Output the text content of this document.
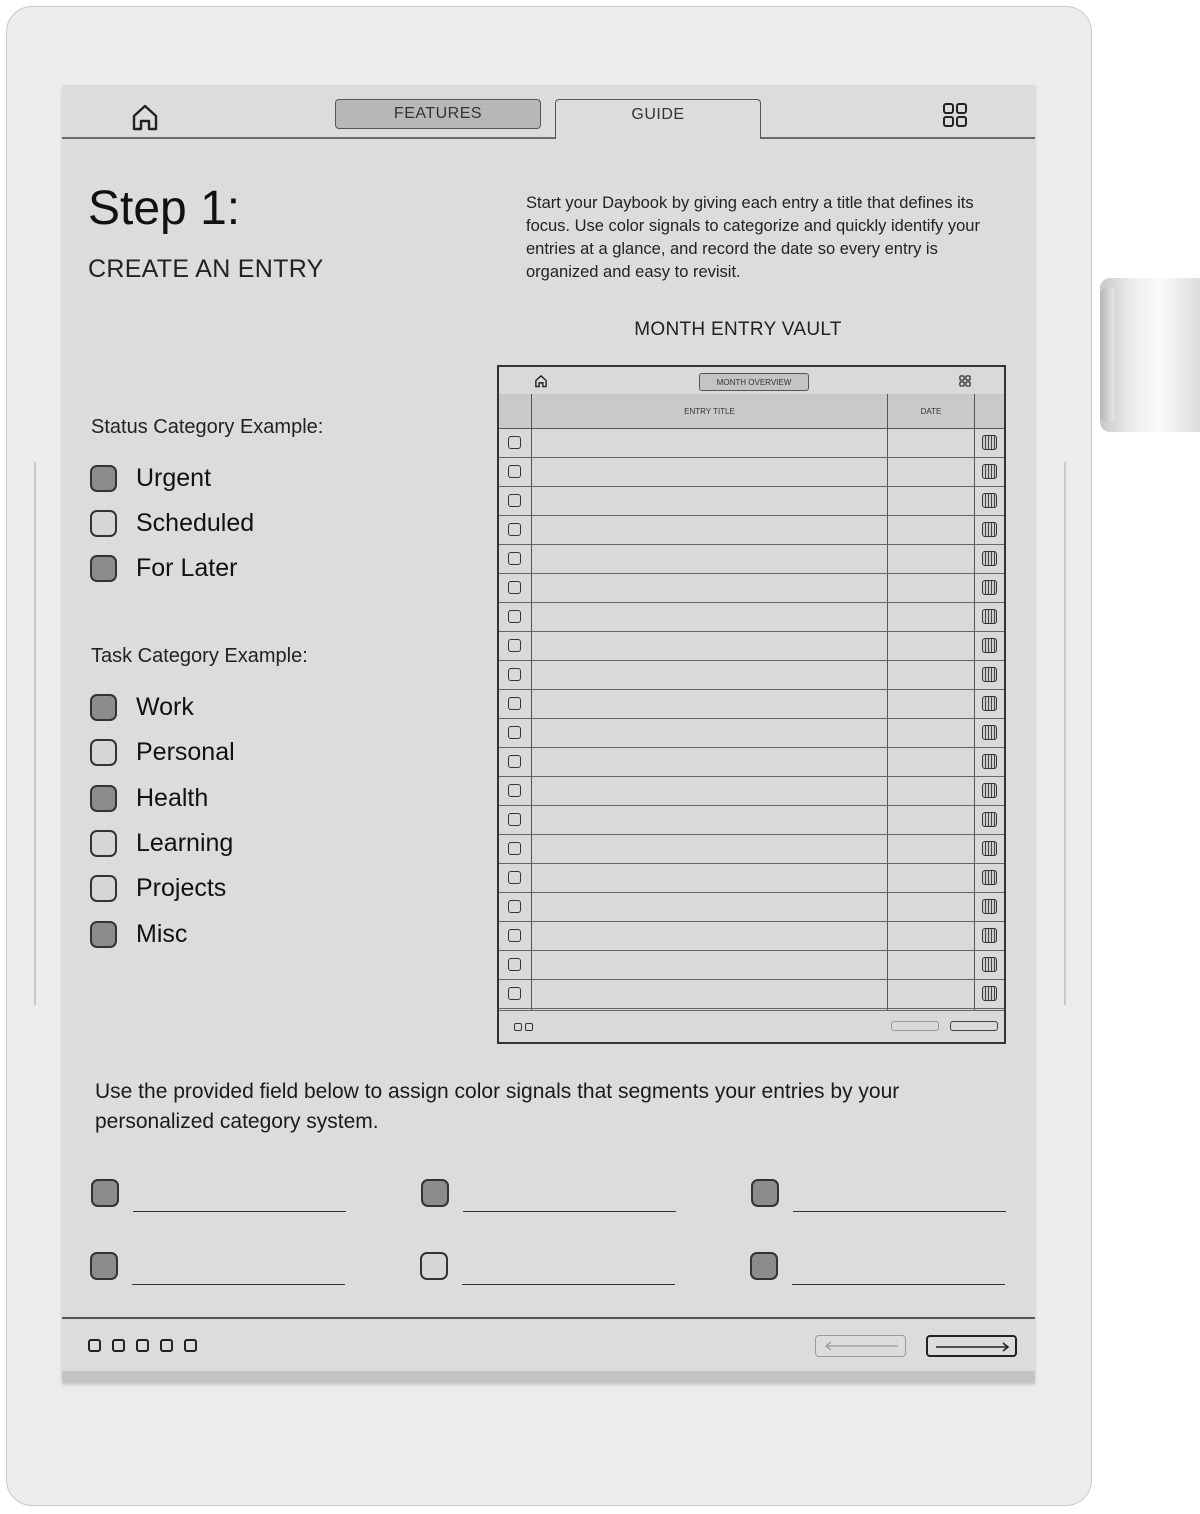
FEATURES	GUIDE
Step 1:
CREATE AN ENTRY
Start your Daybook by giving each entry a title that defines its focus. Use color signals to categorize and quickly identify your entries at a glance, and record the date so every entry is organized and easy to revisit.
MONTH ENTRY VAULT
Status Category Example:
Urgent
Scheduled
For Later
Task Category Example:
Work
Personal
Health
Learning
Projects
Misc
MONTH OVERVIEW
ENTRY TITLE	DATE
Use the provided field below to assign color signals that segments your entries by your personalized category system.
